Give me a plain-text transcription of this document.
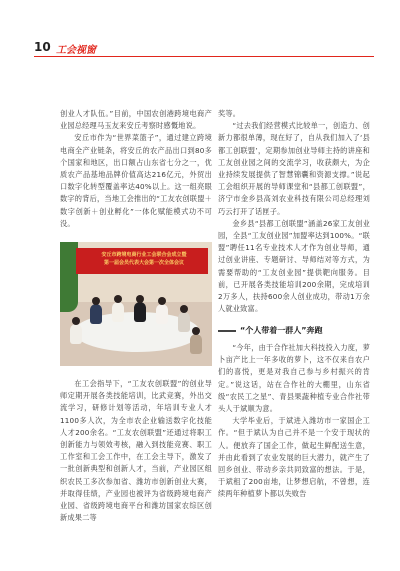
10 工会视窗

创业人才队伍。”目前，中国农创港跨境电商产业园总经理马玉友来安丘考察时感慨地说。

安丘市作为“世界菜篮子”，通过建立跨境电商全产业链条，将安丘的农产品出口到80多个国家和地区，出口额占山东省七分之一，优质农产品基地品牌价值高达216亿元，外贸出口数字化转型覆盖率达40%以上。这一组亮眼数字的背后，当地工会推出的“工友农创联盟＋数字创新＋创业孵化”一体化赋能模式功不可没。

安丘市跨境电商行业工会联合会成立暨
第一届会员代表大会第一次全体会议

在工会指导下，“工友农创联盟”的创业导师定期开展各类技能培训，比武竞赛，外出交流学习，研修计划等活动，年培训专业人才1100多人次，为全市农企业输送数字化技能人才200余名。“工友农创联盟”还通过将职工创新能力与领效考核，融入到技能竞赛、职工工作室和工会工作中，在工会主导下，激发了一批创新典型和创新人才，当前，产业园区组织农民工多次参加省、潍坊市创新创业大赛，并取得佳绩，产业园也被评为省级跨境电商产业园、省级跨境电商平台和潍坊国家农综区创新成果二等

奖等。

“过去我们经营模式比较单一，创造力、创新力都很单薄，现在好了，自从我们加入了‘县都工创联盟’，定期参加创业导师主持的讲座和工友创业园之间的交流学习，收获颇大，为企业持续发展提供了智慧锦囊和资源支撑。”说起工会组织开展的导师课堂和“县都工创联盟”，济宁市金乡县高刘农业科技有限公司总经理刘巧云打开了话匣子。

金乡县“县都工创联盟”涵盖26家工友创业园，全县“工友创业园”加盟率达到100%。“联盟”聘任11名专业技术人才作为创业导师，通过创业讲座、专题研讨、导师结对等方式，为需要帮助的“工友创业园”提供靶向服务。目前，已开展各类技能培训200余期，完成培训2万多人，扶持600余人创业成功，带动1万余人就业致富。

“个人带着一群人”奔跑

“今年，由于合作社加大科技投入力度，萝卜亩产比上一年多收的萝卜，这不仅来自农户们的喜悦，更是对我自己参与乡村振兴的肯定。”说这话，站在合作社的大棚里，山东省级“农民工之星”、青县果蔬种植专业合作社带头人于斌顺为意。

大学毕业后，于斌进入潍坊市一家国企工作。“但于斌认为自己并不是一个安于现状的人。便放弃了国企工作，做起生鲜配送生意，并由此看到了农业发展的巨大潜力，就产生了回乡创业、带动乡亲共同致富的想法。于是，于斌租了200亩地，让梦想启航，不曾想，连续两年种植萝卜都以失败告
